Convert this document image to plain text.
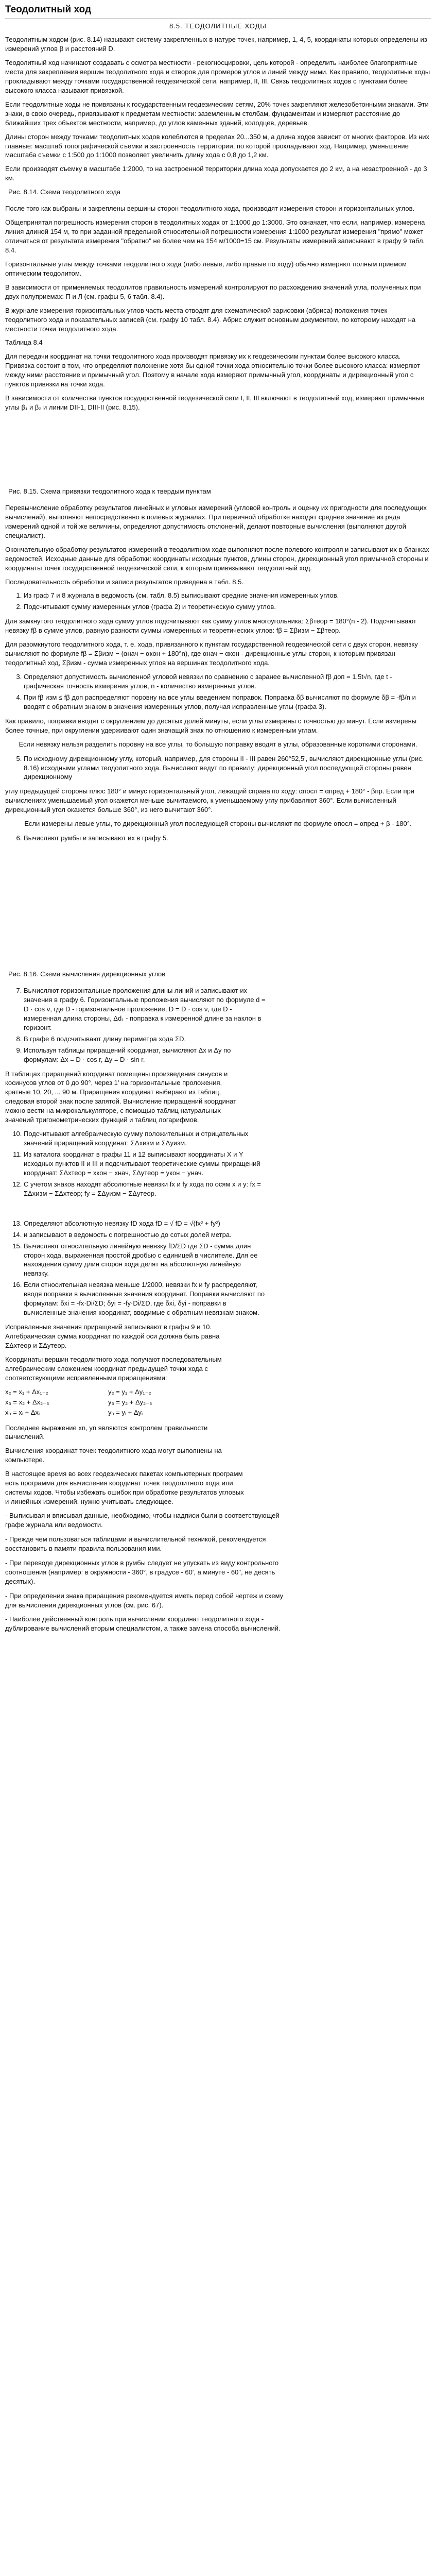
Теодолитный ход
8.5. ТЕОДОЛИТНЫЕ ХОДЫ

Теодолитным ходом (рис. 8.14) называют систему закрепленных в натуре точек, например, 1, 4, 5, координаты которых определены из измерений углов β и расстояний D.

Теодолитный ход начинают создавать с осмотра местности - рекогносцировки, цель которой - определить наиболее благоприятные места для закрепления вершин теодолитного хода и створов для промеров углов и линий между ними. Как правило, теодолитные ходы прокладывают между точками государственной геодезической сети, например, II, III. Связь теодолитных ходов с пунктами более высокого класса называют привязкой.

Если теодолитные ходы не привязаны к государственным геодезическим сетям, 20% точек закрепляют железобетонными знаками. Эти знаки, в свою очередь, привязывают к предметам местности: заземленным столбам, фундаментам и измеряют расстояние до ближайших трех объектов местности, например, до углов каменных зданий, колодцев, деревьев.

Длины сторон между точками теодолитных ходов колеблются в пределах 20...350 м, а длина ходов зависит от многих факторов. Из них главные: масштаб топографической съемки и застроенность территории, по которой прокладывают ход. Например, уменьшение масштаба съемки с 1:500 до 1:1000 позволяет увеличить длину хода с 0,8 до 1,2 км.

Если производят съемку в масштабе 1:2000, то на застроенной территории длина хода допускается до 2 км, а на незастроенной - до 3 км.

Рис. 8.14. Схема теодолитного хода

После того как выбраны и закреплены вершины сторон теодолитного хода, производят измерения сторон и горизонтальных углов.

Общепринятая погрешность измерения сторон в теодолитных ходах от 1:1000 до 1:3000. Это означает, что если, например, измерена линия длиной 154 м, то при заданной предельной относительной погрешности измерения 1:1000 результат измерения "прямо" может отличаться от результата измерения "обратно" не более чем на 154 м/1000=15 см. Результаты измерений записывают в графу 9 табл. 8.4.

Горизонтальные углы между точками теодолитного хода (либо левые, либо правые по ходу) обычно измеряют полным приемом оптическим теодолитом.

В зависимости от применяемых теодолитов правильность измерений контролируют по расхождению значений угла, полученных при двух полуприемах: П и Л (см. графы 5, 6 табл. 8.4).

В журнале измерения горизонтальных углов часть места отводят для схематической зарисовки (абриса) положения точек теодолитного хода и показательных записей (см. графу 10 табл. 8.4). Абрис служит основным документом, по которому находят на местности точки теодолитного хода.

Таблица 8.4

Для передачи координат на точки теодолитного хода производят привязку их к геодезическим пунктам более высокого класса. Привязка состоит в том, что определяют положение хотя бы одной точки хода относительно точки более высокого класса: измеряют между ними расстояние и примычный угол. Поэтому в начале хода измеряют примычный угол, координаты и дирекционный угол с пунктов привязки на точки хода.

В зависимости от количества пунктов государственной геодезической сети I, II, III включают в теодолитный ход, измеряют примычные углы β₁ и β₂ и линии DII-1, DIII-II (рис. 8.15).

Рис. 8.15. Схема привязки теодолитного хода к твердым пунктам

Перевычисление обработку результатов линейных и угловых измерений (угловой контроль и оценку их пригодности для последующих вычислений), выполняют непосредственно в полевых журналах. При первичной обработке находят среднее значение из ряда измерений одной и той же величины, определяют допустимость отклонений, делают повторные вычисления (выполняют другой специалист).

Окончательную обработку результатов измерений в теодолитном ходе выполняют после полевого контроля и записывают их в бланках ведомостей. Исходные данные для обработки: координаты исходных пунктов, длины сторон, дирекционный угол примычной стороны и координаты точек государственной геодезической сети, к которым привязывают теодолитный ход.

Последовательность обработки и записи результатов приведена в табл. 8.5.

1. Из граф 7 и 8 журнала в ведомость (см. табл. 8.5) выписывают средние значения измеренных углов.
2. Подсчитывают сумму измеренных углов (графа 2) и теоретическую сумму углов.

Для замкнутого теодолитного хода сумму углов подсчитывают как сумму углов многоугольника: Σβтеор = 180°(n - 2). Подсчитывают невязку fβ в сумме углов, равную разности суммы измеренных и теоретических углов: fβ = Σβизм − Σβтеор.

Для разомкнутого теодолитного хода, т. е. хода, привязанного к пунктам государственной геодезической сети с двух сторон, невязку вычисляют по формуле fβ = Σβизм − (αнач − αкон + 180°n), где αнач − αкон - дирекционные углы сторон, к которым привязан теодолитный ход, Σβизм - сумма измеренных углов на вершинах теодолитного хода.

3. Определяют допустимость вычисленной угловой невязки по сравнению с заранее вычисленной fβ доп = 1,5t√n, где t - графическая точность измерения углов, n - количество измеренных углов.
4. При fβ изм ≤ fβ доп распределяют поровну на все углы введением поправок. Поправка δβ вычисляют по формуле δβ = -fβ/n и вводят с обратным знаком в значения измеренных углов, получая исправленные углы (графа 3).

Как правило, поправки вводят с округлением до десятых долей минуты, если углы измерены с точностью до минут. Если измерены более точные, при округлении удерживают один значащий знак по отношению к измеренным углам.

Если невязку нельзя разделить поровну на все углы, то большую поправку вводят в углы, образованные короткими сторонами.

5. По исходному дирекционному углу, который, например, для стороны II - III равен 260°52,5', вычисляют дирекционные углы (рис. 8.16) исходными углами теодолитного хода. Вычисляют ведут по правилу: дирекционный угол последующей стороны равен дирекционному

углу предыдущей стороны плюс 180° и минус горизонтальный угол, лежащий справа по ходу: αпосл = αпред + 180° - βпр. Если при вычислениях уменьшаемый угол окажется меньше вычитаемого, к уменьшаемому углу прибавляют 360°. Если вычисленный дирекционный угол окажется больше 360°, из него вычитают 360°.

Если измерены левые углы, то дирекционный угол последующей стороны вычисляют по формуле αпосл = αпред + β - 180°.

6. Вычисляют румбы и записывают их в графу 5.
Рис. 8.16. Схема вычисления дирекционных углов
7. Вычисляют горизонтальные проложения длины линий и записывают их значения в графу 6. Горизонтальные проложения вычисляют по формуле d = D · cos ν, где D - горизонтальное проложение, D = D · cos ν, где D - измеренная длина стороны, Δd₁ - поправка к измеренной длине за наклон в горизонт.
8. В графе 6 подсчитывают длину периметра хода ΣD.
9. Используя таблицы приращений координат, вычисляют Δx и Δy по формулам: Δx = D · cos r, Δy = D · sin r.

В таблицах приращений координат помещены произведения синусов и косинусов углов от 0 до 90°, через 1' на горизонтальные проложения, кратные 10, 20, ... 90 м. Приращения координат выбирают из таблиц, следовая второй знак после запятой. Вычисление приращений координат можно вести на микрокалькуляторе, с помощью таблиц натуральных значений тригонометрических функций и таблиц логарифмов.

10. Подсчитывают алгебраическую сумму положительных и отрицательных значений приращений координат: ΣΔxизм и ΣΔyизм.
11. Из каталога координат в графы 11 и 12 выписывают координаты X и Y исходных пунктов II и III и подсчитывают теоретические суммы приращений координат: ΣΔxтеор = xкон − xнач, ΣΔyтеор = yкон − yнач.
12. С учетом знаков находят абсолютные невязки fx и fy хода по осям x и y: fx = ΣΔxизм − ΣΔxтеор; fy = ΣΔyизм − ΣΔyтеор.
13. Определяют абсолютную невязку fD хода fD = √ fD = √(fx² + fy²)
14. и записывают в ведомость с погрешностью до сотых долей метра.
15. Вычисляют относительную линейную невязку fD/ΣD где ΣD - сумма длин сторон хода, выраженная простой дробью с единицей в числителе. Для ее нахождения сумму длин сторон хода делят на абсолютную линейную невязку.
16. Если относительная невязка меньше 1/2000, невязки fx и fy распределяют, вводя поправки в вычисленные значения координат. Поправки вычисляют по формулам: δxi = -fx·Di/ΣD; δyi = -fy·Di/ΣD, где δxi, δyi - поправки в вычисленные значения координат, вводимые с обратным невязкам знаком.

Исправленные значения приращений записывают в графы 9 и 10. Алгебраическая сумма координат по каждой оси должна быть равна ΣΔxтеор и ΣΔyтеор.

Координаты вершин теодолитного хода получают последовательным алгебраическим сложением координат предыдущей точки хода с соответствующими исправленными приращениями:

x₂ = x₁ + Δx₁₋₂	y₂ = y₁ + Δy₁₋₂
x₃ = x₂ + Δx₂₋₃	y₃ = y₂ + Δy₂₋₃
xₙ = xᵢ + Δxᵢ	yₙ = yᵢ + Δyᵢ

Последнее выражение xn, yn являются контролем правильности вычислений.

Вычисления координат точек теодолитного хода могут выполнены на компьютере.

В настоящее время во всех геодезических пакетах компьютерных программ есть программа для вычисления координат точек теодолитного хода или системы ходов. Чтобы избежать ошибок при обработке результатов угловых и линейных измерений, нужно учитывать следующее.

- Выписывая и вписывая данные, необходимо, чтобы надписи были в соответствующей графе журнала или ведомости.
- Прежде чем пользоваться таблицами и вычислительной техникой, рекомендуется восстановить в памяти правила пользования ими.
- При переводе дирекционных углов в румбы следует не упускать из виду контрольного соотношения (например: в окружности - 360°, в градусе - 60', а минуте - 60", не десять десятых).
- При определении знака приращения рекомендуется иметь перед собой чертеж и схему для вычисления дирекционных углов (см. рис. 67).
- Наиболее действенный контроль при вычислении координат теодолитного хода - дублирование вычислений вторым специалистом, а также замена способа вычислений.
